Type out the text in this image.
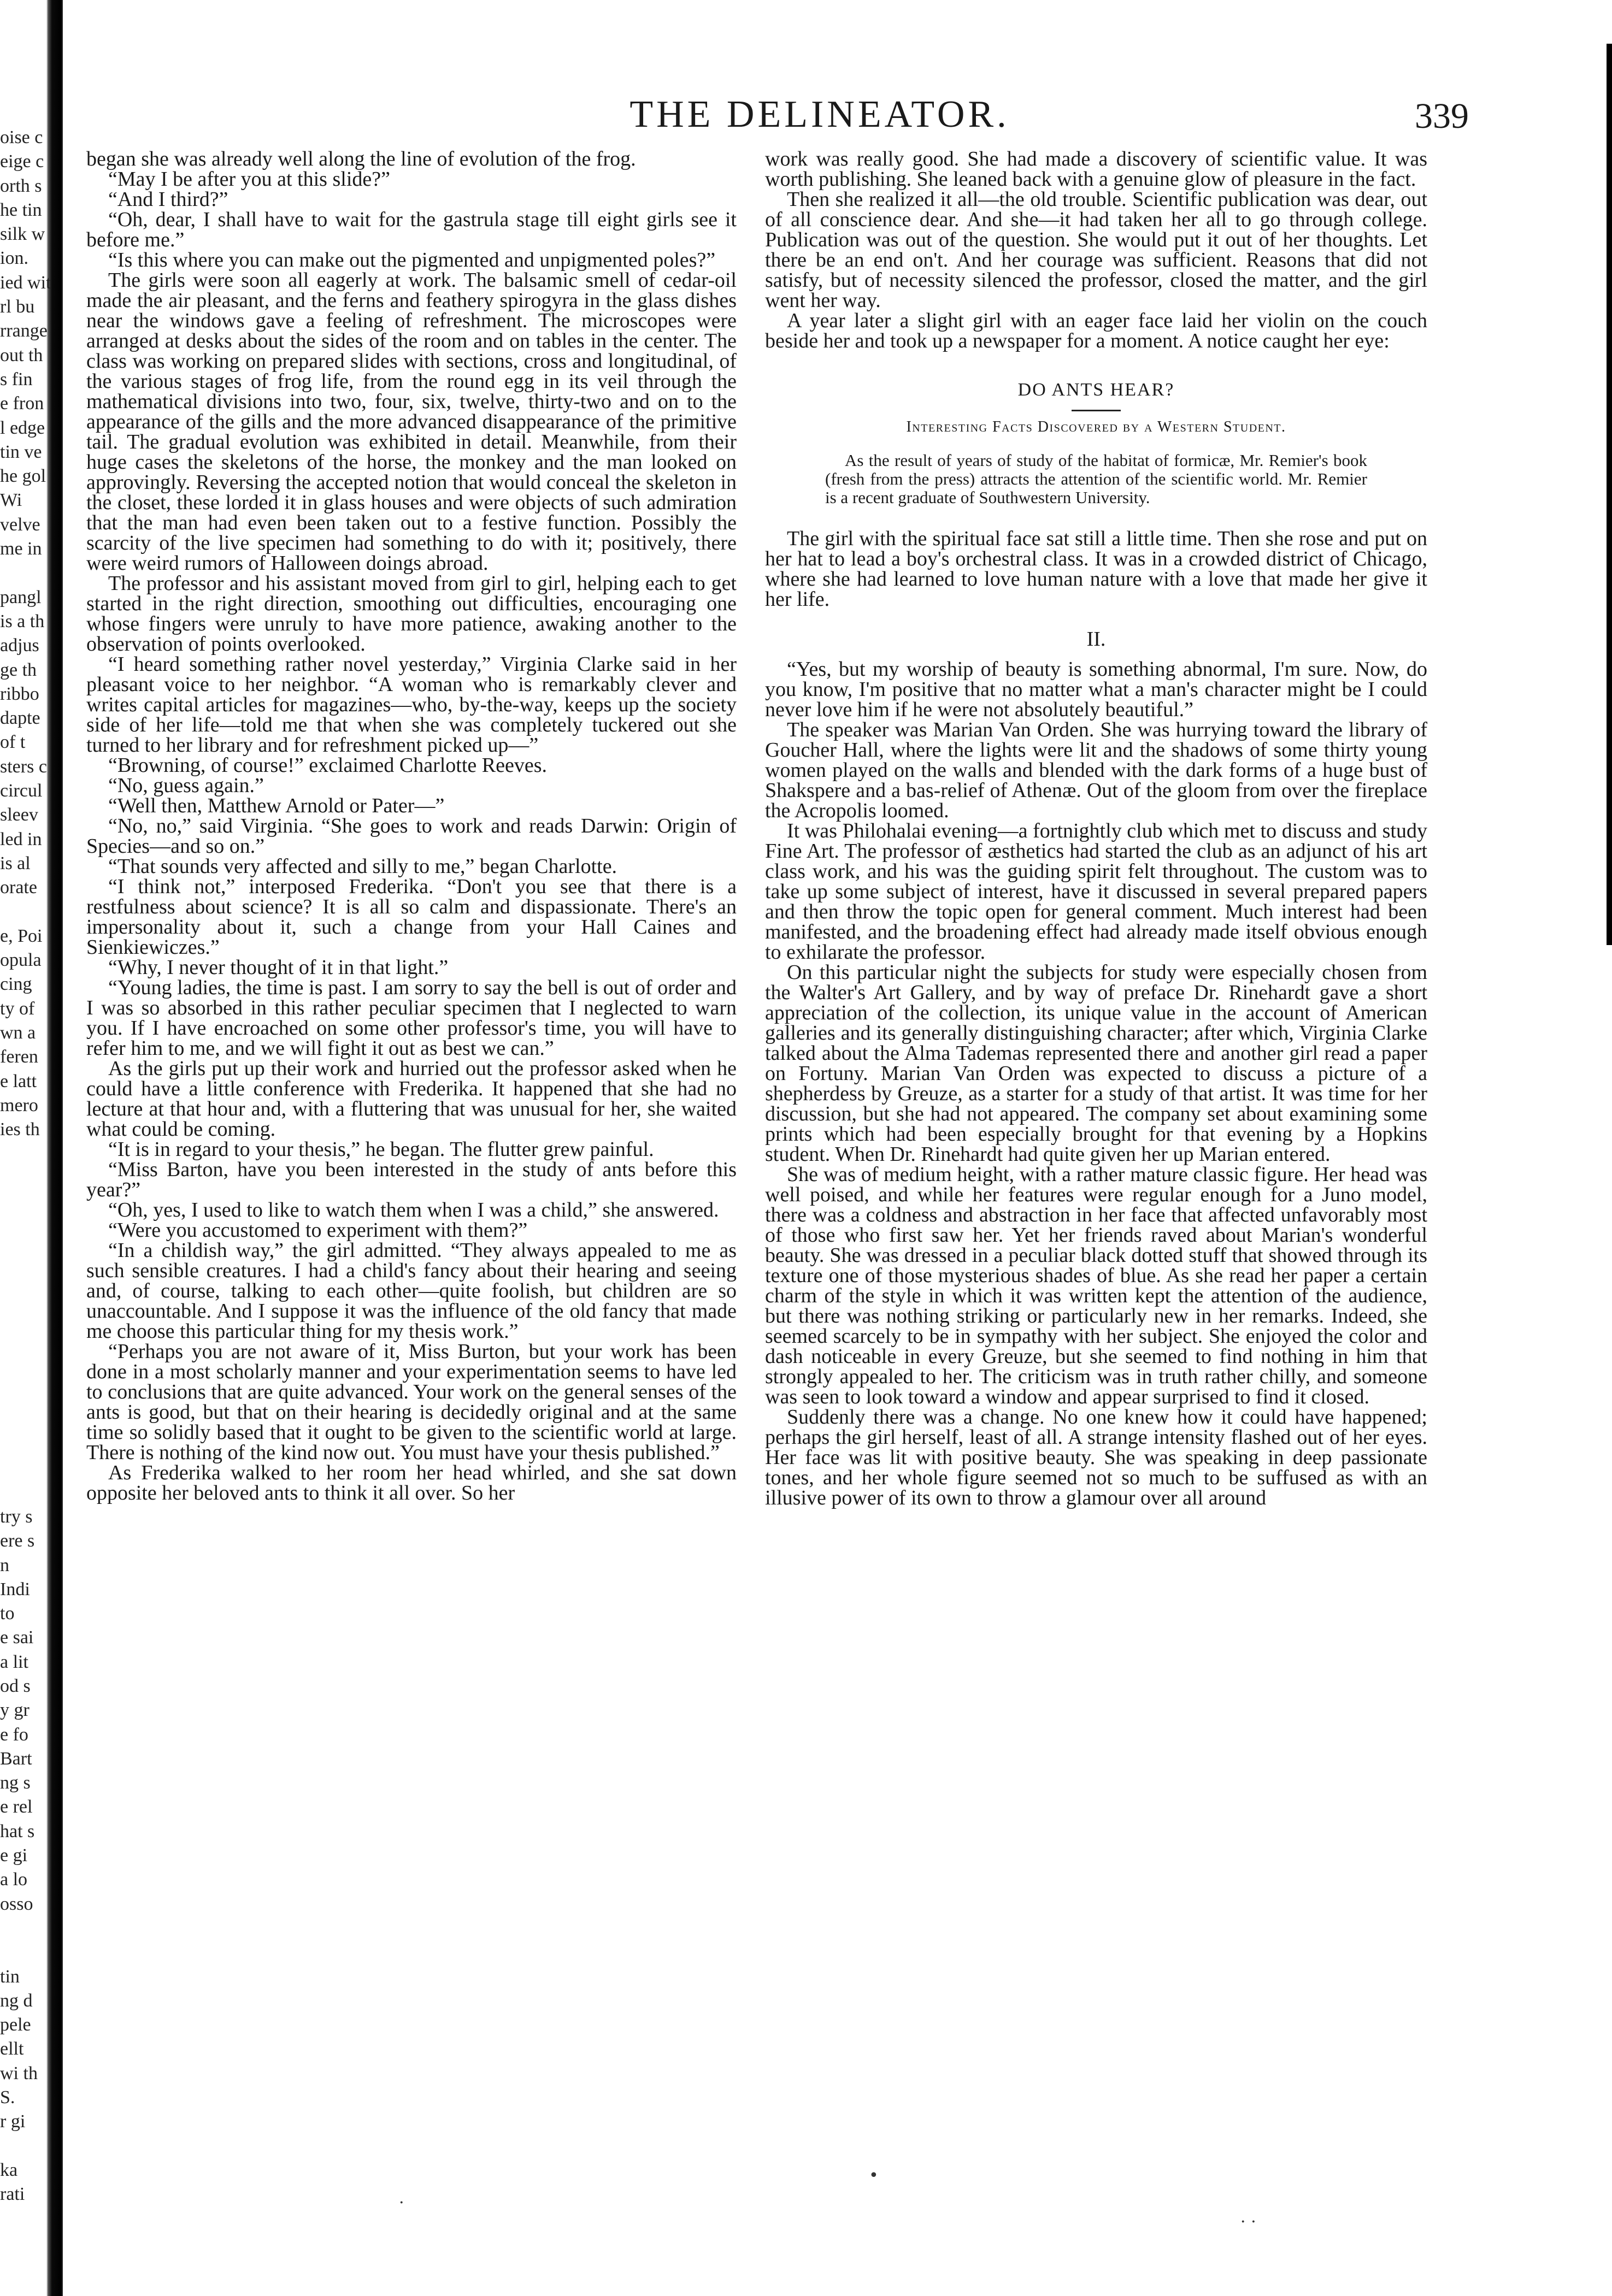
oise c
eige c
orth s
he tin
silk w
ion.
ied wit
rl bu
rrange
out th
s fin
e fron
l edge
tin ve
he gol
Wi
velve
me in

pangl
is a th
adjus
ge th
ribbo
dapte
of t
sters c
circul
sleev
led in
is al
orate

e, Poi
opula
cing
ty of
wn a
feren
e latt
mero
ies th

try s
ere s
n
Indi
to
e sai
a lit
od s
y gr
e fo
Bart
ng s
e rel
hat s
e gi
a lo
osso

tin
ng d
pele
ellt
wi th
S.
r gi

ka
rati
THE DELINEATOR.	339

began she was already well along the line of evolution of the frog.

“May I be after you at this slide?”

“And I third?”

“Oh, dear, I shall have to wait for the gastrula stage till eight girls see it before me.”

“Is this where you can make out the pigmented and unpigmented poles?”

The girls were soon all eagerly at work. The balsamic smell of cedar-oil made the air pleasant, and the ferns and feathery spirogyra in the glass dishes near the windows gave a feeling of refreshment. The microscopes were arranged at desks about the sides of the room and on tables in the center. The class was working on prepared slides with sections, cross and longitudinal, of the various stages of frog life, from the round egg in its veil through the mathematical divisions into two, four, six, twelve, thirty-two and on to the appearance of the gills and the more advanced disappearance of the primitive tail. The gradual evolution was exhibited in detail. Meanwhile, from their huge cases the skeletons of the horse, the monkey and the man looked on approvingly. Reversing the accepted notion that would conceal the skeleton in the closet, these lorded it in glass houses and were objects of such admiration that the man had even been taken out to a festive function. Possibly the scarcity of the live specimen had something to do with it; positively, there were weird rumors of Halloween doings abroad.

The professor and his assistant moved from girl to girl, helping each to get started in the right direction, smoothing out difficulties, encouraging one whose fingers were unruly to have more patience, awaking another to the observation of points overlooked.

“I heard something rather novel yesterday,” Virginia Clarke said in her pleasant voice to her neighbor. “A woman who is remarkably clever and writes capital articles for magazines—who, by-the-way, keeps up the society side of her life—told me that when she was completely tuckered out she turned to her library and for refreshment picked up—”

“Browning, of course!” exclaimed Charlotte Reeves.

“No, guess again.”

“Well then, Matthew Arnold or Pater—”

“No, no,” said Virginia. “She goes to work and reads Darwin: Origin of Species—and so on.”

“That sounds very affected and silly to me,” began Charlotte.

“I think not,” interposed Frederika. “Don't you see that there is a restfulness about science? It is all so calm and dispassionate. There's an impersonality about it, such a change from your Hall Caines and Sienkiewiczes.”

“Why, I never thought of it in that light.”

“Young ladies, the time is past. I am sorry to say the bell is out of order and I was so absorbed in this rather peculiar specimen that I neglected to warn you. If I have encroached on some other professor's time, you will have to refer him to me, and we will fight it out as best we can.”

As the girls put up their work and hurried out the professor asked when he could have a little conference with Frederika. It happened that she had no lecture at that hour and, with a fluttering that was unusual for her, she waited what could be coming.

“It is in regard to your thesis,” he began. The flutter grew painful.

“Miss Barton, have you been interested in the study of ants before this year?”

“Oh, yes, I used to like to watch them when I was a child,” she answered.

“Were you accustomed to experiment with them?”

“In a childish way,” the girl admitted. “They always appealed to me as such sensible creatures. I had a child's fancy about their hearing and seeing and, of course, talking to each other—quite foolish, but children are so unaccountable. And I suppose it was the influence of the old fancy that made me choose this particular thing for my thesis work.”

“Perhaps you are not aware of it, Miss Burton, but your work has been done in a most scholarly manner and your experimentation seems to have led to conclusions that are quite advanced. Your work on the general senses of the ants is good, but that on their hearing is decidedly original and at the same time so solidly based that it ought to be given to the scientific world at large. There is nothing of the kind now out. You must have your thesis published.”

As Frederika walked to her room her head whirled, and she sat down opposite her beloved ants to think it all over. So her

work was really good. She had made a discovery of scientific value. It was worth publishing. She leaned back with a genuine glow of pleasure in the fact.

Then she realized it all—the old trouble. Scientific publication was dear, out of all conscience dear. And she—it had taken her all to go through college. Publication was out of the question. She would put it out of her thoughts. Let there be an end on't. And her courage was sufficient. Reasons that did not satisfy, but of necessity silenced the professor, closed the matter, and the girl went her way.

A year later a slight girl with an eager face laid her violin on the couch beside her and took up a newspaper for a moment. A notice caught her eye:

DO ANTS HEAR?
Interesting Facts Discovered by a Western Student.

As the result of years of study of the habitat of formicæ, Mr. Remier's book (fresh from the press) attracts the attention of the scientific world. Mr. Remier is a recent graduate of Southwestern University.

The girl with the spiritual face sat still a little time. Then she rose and put on her hat to lead a boy's orchestral class. It was in a crowded district of Chicago, where she had learned to love human nature with a love that made her give it her life.

II.

“Yes, but my worship of beauty is something abnormal, I'm sure. Now, do you know, I'm positive that no matter what a man's character might be I could never love him if he were not absolutely beautiful.”

The speaker was Marian Van Orden. She was hurrying toward the library of Goucher Hall, where the lights were lit and the shadows of some thirty young women played on the walls and blended with the dark forms of a huge bust of Shakspere and a bas-relief of Athenæ. Out of the gloom from over the fireplace the Acropolis loomed.

It was Philohalai evening—a fortnightly club which met to discuss and study Fine Art. The professor of æsthetics had started the club as an adjunct of his art class work, and his was the guiding spirit felt throughout. The custom was to take up some subject of interest, have it discussed in several prepared papers and then throw the topic open for general comment. Much interest had been manifested, and the broadening effect had already made itself obvious enough to exhilarate the professor.

On this particular night the subjects for study were especially chosen from the Walter's Art Gallery, and by way of preface Dr. Rinehardt gave a short appreciation of the collection, its unique value in the account of American galleries and its generally distinguishing character; after which, Virginia Clarke talked about the Alma Tademas represented there and another girl read a paper on Fortuny. Marian Van Orden was expected to discuss a picture of a shepherdess by Greuze, as a starter for a study of that artist. It was time for her discussion, but she had not appeared. The company set about examining some prints which had been especially brought for that evening by a Hopkins student. When Dr. Rinehardt had quite given her up Marian entered.

She was of medium height, with a rather mature classic figure. Her head was well poised, and while her features were regular enough for a Juno model, there was a coldness and abstraction in her face that affected unfavorably most of those who first saw her. Yet her friends raved about Marian's wonderful beauty. She was dressed in a peculiar black dotted stuff that showed through its texture one of those mysterious shades of blue. As she read her paper a certain charm of the style in which it was written kept the attention of the audience, but there was nothing striking or particularly new in her remarks. Indeed, she seemed scarcely to be in sympathy with her subject. She enjoyed the color and dash noticeable in every Greuze, but she seemed to find nothing in him that strongly appealed to her. The criticism was in truth rather chilly, and someone was seen to look toward a window and appear surprised to find it closed.

Suddenly there was a change. No one knew how it could have happened; perhaps the girl herself, least of all. A strange intensity flashed out of her eyes. Her face was lit with positive beauty. She was speaking in deep passionate tones, and her whole figure seemed not so much to be suffused as with an illusive power of its own to throw a glamour over all around

•
· ·
·
